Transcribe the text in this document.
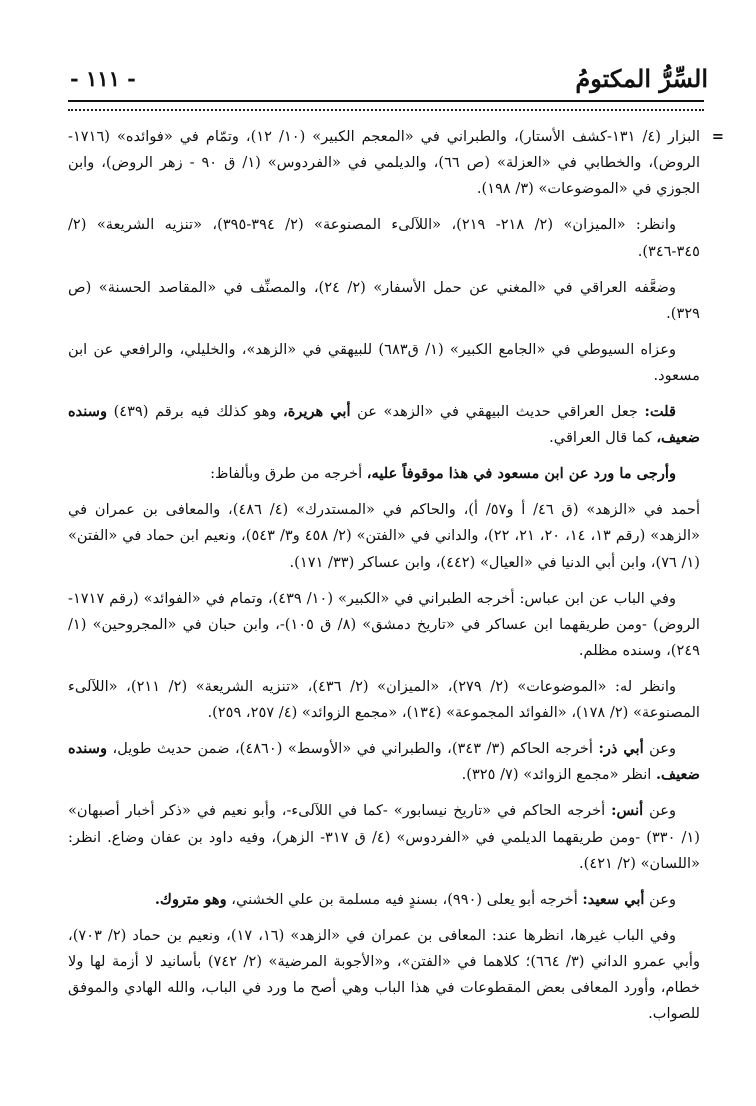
السِّرُّ المكتومُ
- ١١١ -

=البزار (٤/ ١٣١-كشف الأستار)، والطبراني في «المعجم الكبير» (١٠/ ١٢)، وتمّام في «فوائده» (١٧١٦- الروض)، والخطابي في «العزلة» (ص ٦٦)، والديلمي في «الفردوس» (١/ ق ٩٠ - زهر الروض)، وابن الجوزي في «الموضوعات» (٣/ ١٩٨).

وانظر: «الميزان» (٢/ ٢١٨- ٢١٩)، «اللآلىء المصنوعة» (٢/ ٣٩٤-٣٩٥)، «تنزيه الشريعة» (٢/ ٣٤٥-٣٤٦).

وضعَّفه العراقي في «المغني عن حمل الأسفار» (٢/ ٢٤)، والمصنِّف في «المقاصد الحسنة» (ص ٣٢٩).

وعزاه السيوطي في «الجامع الكبير» (١/ ق٦٨٣) للبيهقي في «الزهد»، والخليلي، والرافعي عن ابن مسعود.

قلت: جعل العراقي حديث البيهقي في «الزهد» عن أبي هريرة، وهو كذلك فيه برقم (٤٣٩) وسنده ضعيف، كما قال العراقي.

وأرجى ما ورد عن ابن مسعود في هذا موقوفاً عليه، أخرجه من طرق وبألفاظ:

أحمد في «الزهد» (ق ٤٦/ أ و٥٧/ أ)، والحاكم في «المستدرك» (٤/ ٤٨٦)، والمعافى بن عمران في «الزهد» (رقم ١٣، ١٤، ٢٠، ٢١، ٢٢)، والداني في «الفتن» (٢/ ٤٥٨ و٣/ ٥٤٣)، ونعيم ابن حماد في «الفتن» (١/ ٧٦)، وابن أبي الدنيا في «العيال» (٤٤٢)، وابن عساكر (٣٣/ ١٧١).

وفي الباب عن ابن عباس: أخرجه الطبراني في «الكبير» (١٠/ ٤٣٩)، وتمام في «الفوائد» (رقم ١٧١٧- الروض) -ومن طريقهما ابن عساكر في «تاريخ دمشق» (٨/ ق ١٠٥)-، وابن حبان في «المجروحين» (١/ ٢٤٩)، وسنده مظلم.

وانظر له: «الموضوعات» (٢/ ٢٧٩)، «الميزان» (٢/ ٤٣٦)، «تنزيه الشريعة» (٢/ ٢١١)، «اللآلىء المصنوعة» (٢/ ١٧٨)، «الفوائد المجموعة» (١٣٤)، «مجمع الزوائد» (٤/ ٢٥٧، ٢٥٩).

وعن أبي ذر: أخرجه الحاكم (٣/ ٣٤٣)، والطبراني في «الأوسط» (٤٨٦٠)، ضمن حديث طويل، وسنده ضعيف. انظر «مجمع الزوائد» (٧/ ٣٢٥).

وعن أنس: أخرجه الحاكم في «تاريخ نيسابور» -كما في اللآلىء-، وأبو نعيم في «ذكر أخبار أصبهان» (١/ ٣٣٠) -ومن طريقهما الديلمي في «الفردوس» (٤/ ق ٣١٧- الزهر)، وفيه داود بن عفان وضاع. انظر: «اللسان» (٢/ ٤٢١).

وعن أبي سعيد: أخرجه أبو يعلى (٩٩٠)، بسندٍ فيه مسلمة بن علي الخشني، وهو متروك.

وفي الباب غيرها، انظرها عند: المعافى بن عمران في «الزهد» (١٦، ١٧)، ونعيم بن حماد (٢/ ٧٠٣)، وأبي عمرو الداني (٣/ ٦٦٤)؛ كلاهما في «الفتن»، و«الأجوبة المرضية» (٢/ ٧٤٢) بأسانيد لا أزمة لها ولا خطام، وأورد المعافى بعض المقطوعات في هذا الباب وهي أصح ما ورد في الباب، والله الهادي والموفق للصواب.
